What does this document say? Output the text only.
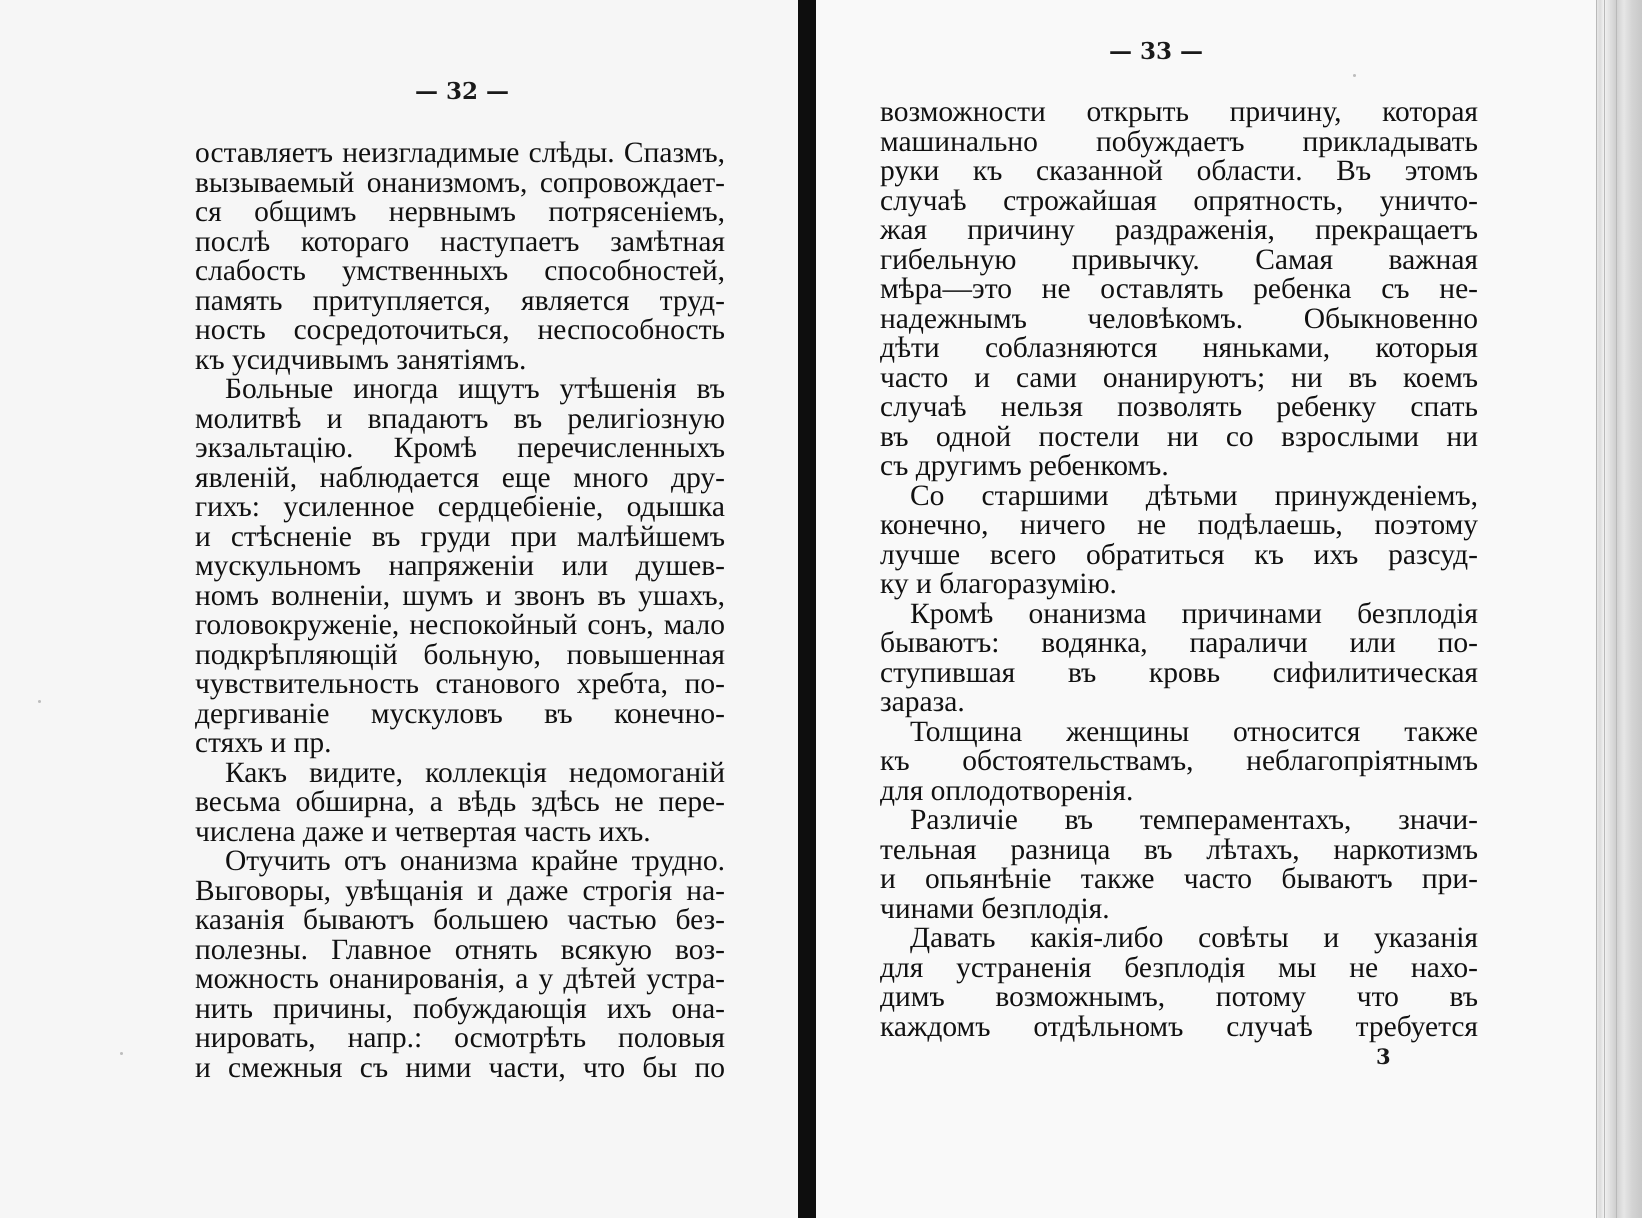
— 32 —
оставляетъ неизгладимые слѣды. Спазмъ,
вызываемый онанизмомъ, сопровождает-
ся общимъ нервнымъ потрясеніемъ,
послѣ котораго наступаетъ замѣтная
слабость умственныхъ способностей,
память притупляется, является труд-
ность сосредоточиться, неспособность
къ усидчивымъ занятіямъ.
Больные иногда ищутъ утѣшенія въ
молитвѣ и впадаютъ въ религіозную
экзальтацію. Кромѣ перечисленныхъ
явленій, наблюдается еще много дру-
гихъ: усиленное сердцебіеніе, одышка
и стѣсненіе въ груди при малѣйшемъ
мускульномъ напряженіи или душев-
номъ волненіи, шумъ и звонъ въ ушахъ,
головокруженіе, неспокойный сонъ, мало
подкрѣпляющій больную, повышенная
чувствительность станового хребта, по-
дергиваніе мускуловъ въ конечно-
стяхъ и пр.
Какъ видите, коллекція недомоганій
весьма обширна, а вѣдь здѣсь не пере-
числена даже и четвертая часть ихъ.
Отучить отъ онанизма крайне трудно.
Выговоры, увѣщанія и даже строгія на-
казанія бываютъ большею частью без-
полезны. Главное отнять всякую воз-
можность онанированія, а у дѣтей устра-
нить причины, побуждающія ихъ она-
нировать, напр.: осмотрѣть половыя
и смежныя съ ними части, что бы по
— 33 —
возможности открыть причину, которая
машинально побуждаетъ прикладывать
руки къ сказанной области. Въ этомъ
случаѣ строжайшая опрятность, уничто-
жая причину раздраженія, прекращаетъ
гибельную привычку. Самая важная
мѣра—это не оставлять ребенка съ не-
надежнымъ человѣкомъ. Обыкновенно
дѣти соблазняются няньками, которыя
часто и сами онанируютъ; ни въ коемъ
случаѣ нельзя позволять ребенку спать
въ одной постели ни со взрослыми ни
съ другимъ ребенкомъ.
Со старшими дѣтьми принужденіемъ,
конечно, ничего не подѣлаешь, поэтому
лучше всего обратиться къ ихъ разсуд-
ку и благоразумію.
Кромѣ онанизма причинами безплодія
бываютъ: водянка, параличи или по-
ступившая въ кровь сифилитическая
зараза.
Толщина женщины относится также
къ обстоятельствамъ, неблагопріятнымъ
для оплодотворенія.
Различіе въ темпераментахъ, значи-
тельная разница въ лѣтахъ, наркотизмъ
и опьянѣніе также часто бываютъ при-
чинами безплодія.
Давать какія-либо совѣты и указанія
для устраненія безплодія мы не нахо-
димъ возможнымъ, потому что въ
каждомъ отдѣльномъ случаѣ требуется
3
